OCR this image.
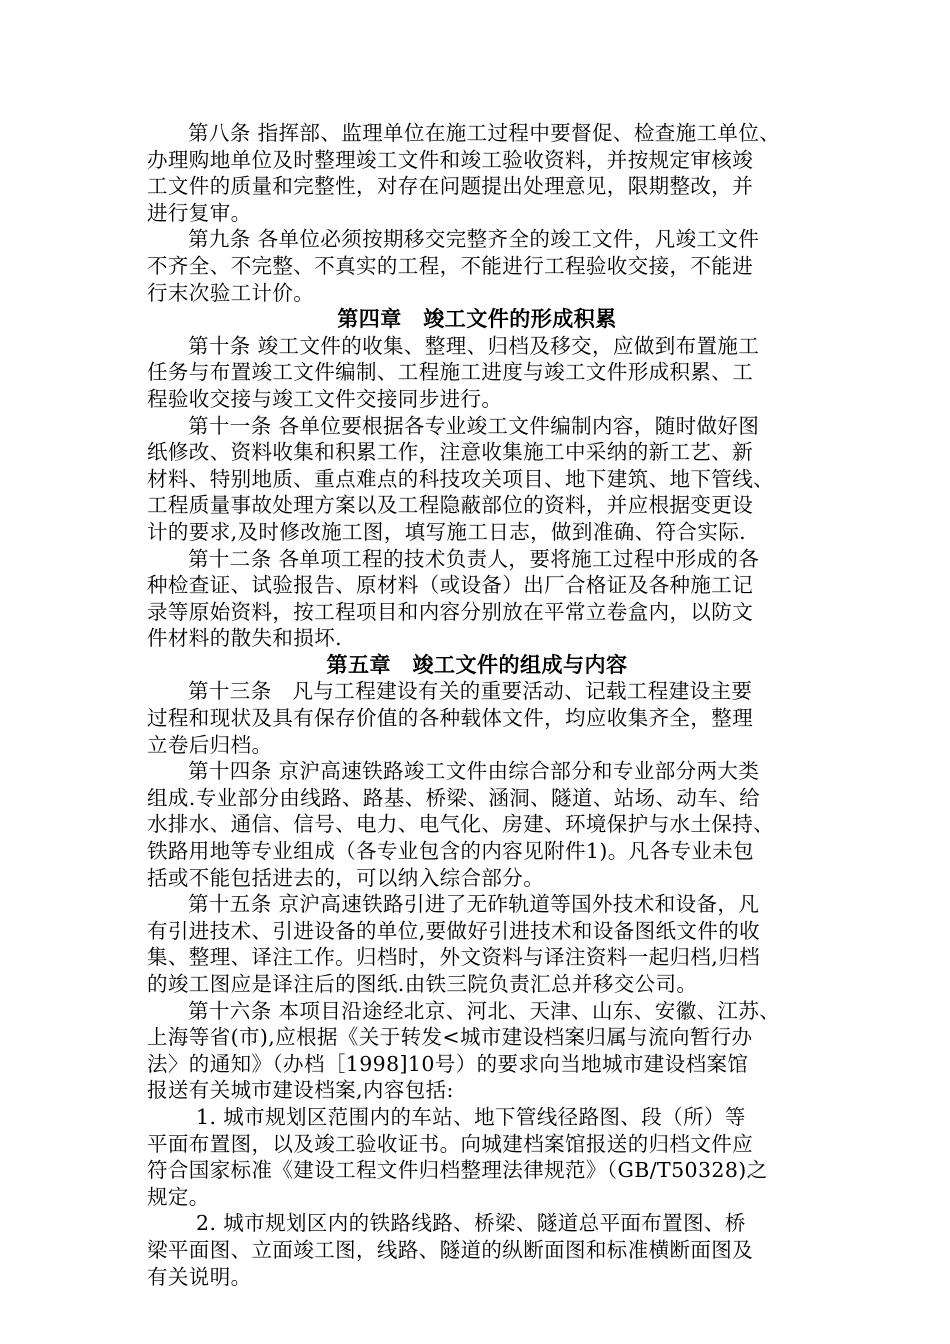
第八条 指挥部、监理单位在施工过程中要督促、检查施工单位、
办理购地单位及时整理竣工文件和竣工验收资料，并按规定审核竣
工文件的质量和完整性，对存在问题提出处理意见，限期整改，并
进行复审。
第九条 各单位必须按期移交完整齐全的竣工文件，凡竣工文件
不齐全、不完整、不真实的工程，不能进行工程验收交接，不能进
行末次验工计价。
第四章　竣工文件的形成积累
第十条 竣工文件的收集、整理、归档及移交，应做到布置施工
任务与布置竣工文件编制、工程施工进度与竣工文件形成积累、工
程验收交接与竣工文件交接同步进行。
第十一条 各单位要根据各专业竣工文件编制内容，随时做好图
纸修改、资料收集和积累工作，注意收集施工中采纳的新工艺、新
材料、特别地质、重点难点的科技攻关项目、地下建筑、地下管线、
工程质量事故处理方案以及工程隐蔽部位的资料，并应根据变更设
计的要求,及时修改施工图，填写施工日志，做到准确、符合实际.
第十二条 各单项工程的技术负责人，要将施工过程中形成的各
种检查证、试验报告、原材料（或设备）出厂合格证及各种施工记
录等原始资料，按工程项目和内容分别放在平常立卷盒内，以防文
件材料的散失和损坏.
第五章　竣工文件的组成与内容
第十三条　凡与工程建设有关的重要活动、记载工程建设主要
过程和现状及具有保存价值的各种载体文件，均应收集齐全，整理
立卷后归档。
第十四条 京沪高速铁路竣工文件由综合部分和专业部分两大类
组成.专业部分由线路、路基、桥梁、涵洞、隧道、站场、动车、给
水排水、通信、信号、电力、电气化、房建、环境保护与水土保持、
铁路用地等专业组成（各专业包含的内容见附件1)。凡各专业未包
括或不能包括进去的，可以纳入综合部分。
第十五条 京沪高速铁路引进了无砟轨道等国外技术和设备，凡
有引进技术、引进设备的单位,要做好引进技术和设备图纸文件的收
集、整理、译注工作。归档时，外文资料与译注资料一起归档,归档
的竣工图应是译注后的图纸.由铁三院负责汇总并移交公司。
第十六条 本项目沿途经北京、河北、天津、山东、安徽、江苏、
上海等省(市),应根据《关于转发<城市建设档案归属与流向暂行办
法〉的通知》（办档［1998]10号）的要求向当地城市建设档案馆
报送有关城市建设档案,内容包括:
1. 城市规划区范围内的车站、地下管线径路图、段（所）等
平面布置图，以及竣工验收证书。向城建档案馆报送的归档文件应
符合国家标准《建设工程文件归档整理法律规范》（GB/T50328)之
规定。
2. 城市规划区内的铁路线路、桥梁、隧道总平面布置图、桥
梁平面图、立面竣工图，线路、隧道的纵断面图和标准横断面图及
有关说明。
